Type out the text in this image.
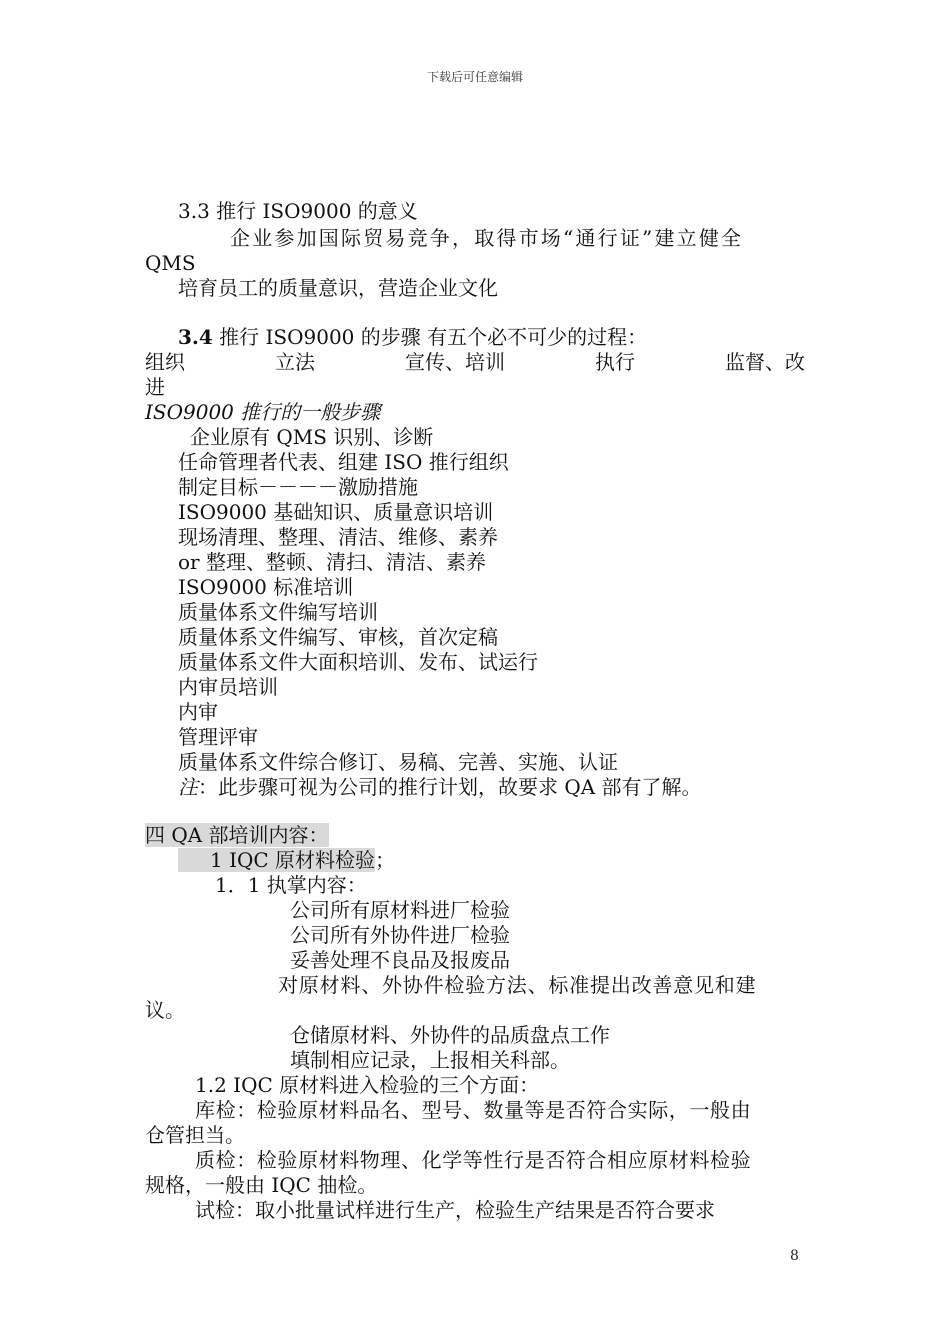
下载后可任意编辑
3.3 推行 ISO9000 的意义
企业参加国际贸易竞争，取得市场“通行证”建立健全
QMS
培育员工的质量意识，营造企业文化
3.4 推行 ISO9000 的步骤 有五个必不可少的过程：
组织	立法	宣传、培训	执行	监督、改
进
ISO9000 推行的一般步骤
企业原有 QMS 识别、诊断
任命管理者代表、组建 ISO 推行组织
制定目标－－－－激励措施
ISO9000 基础知识、质量意识培训
现场清理、整理、清洁、维修、素养
or 整理、整顿、清扫、清洁、素养
ISO9000 标准培训
质量体系文件编写培训
质量体系文件编写、审核，首次定稿
质量体系文件大面积培训、发布、试运行
内审员培训
内审
管理评审
质量体系文件综合修订、易稿、完善、实施、认证
注：此步骤可视为公司的推行计划，故要求 QA 部有了解。
四 QA 部培训内容：
1 IQC 原材料检验；
1．1 执掌内容：
公司所有原材料进厂检验
公司所有外协件进厂检验
妥善处理不良品及报废品
对原材料、外协件检验方法、标准提出改善意见和建
议。
仓储原材料、外协件的品质盘点工作
填制相应记录，上报相关科部。
1.2 IQC 原材料进入检验的三个方面：
库检：检验原材料品名、型号、数量等是否符合实际，一般由
仓管担当。
质检：检验原材料物理、化学等性行是否符合相应原材料检验
规格，一般由 IQC 抽检。
试检：取小批量试样进行生产，检验生产结果是否符合要求
8
